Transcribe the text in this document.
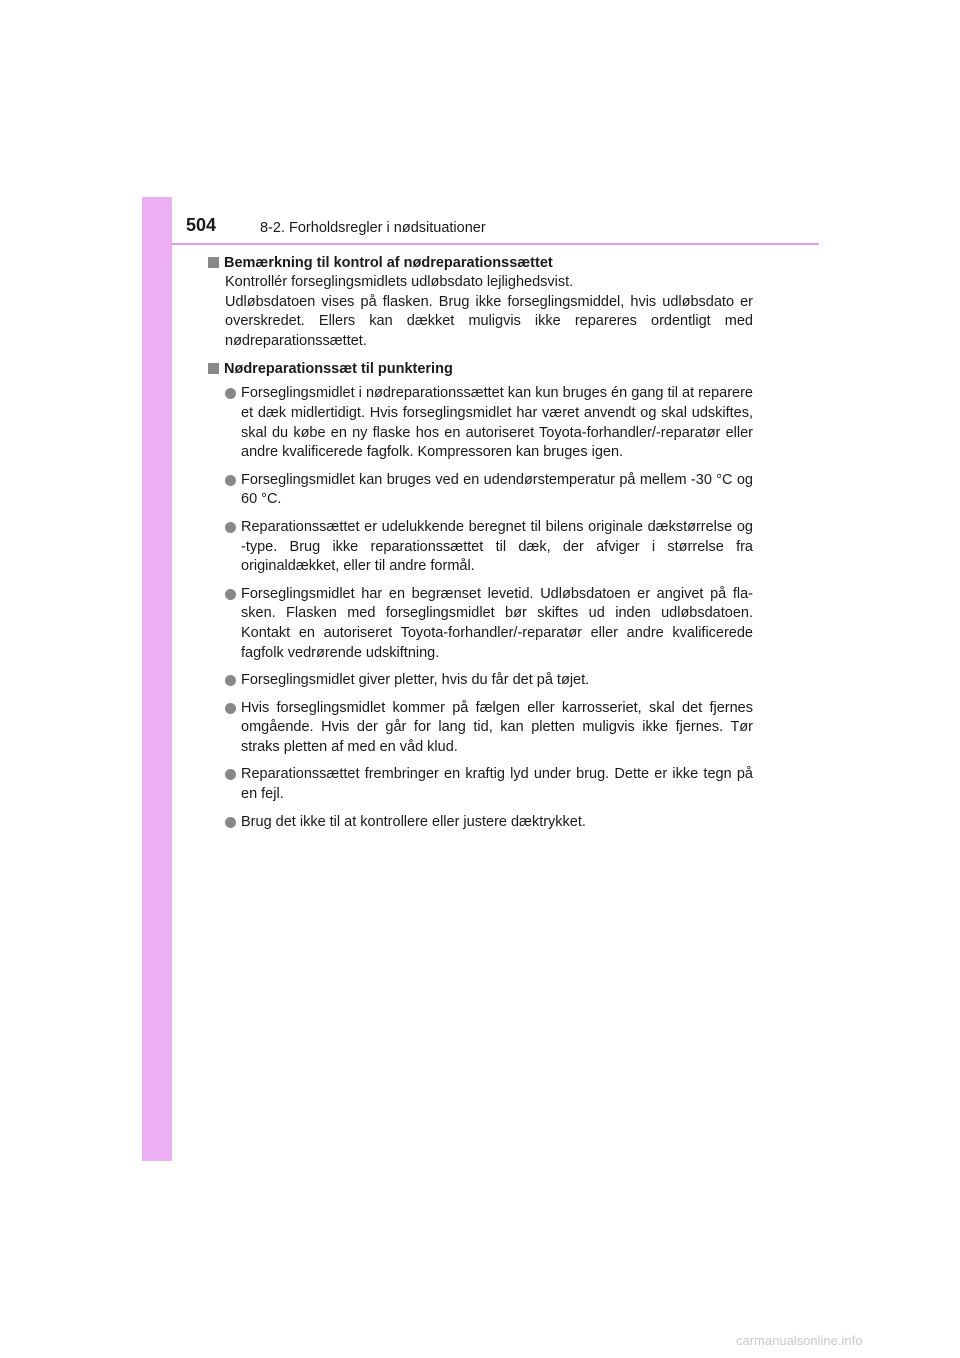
504	8-2. Forholdsregler i nødsituationer
Bemærkning til kontrol af nødreparationssættet

Kontrollér forseglingsmidlets udløbsdato lejlighedsvist.

Udløbsdatoen vises på flasken. Brug ikke forseglingsmiddel, hvis udløbsdato er overskredet. Ellers kan dækket muligvis ikke repareres ordentligt med nødreparationssættet.

Nødreparationssæt til punktering
Forseglingsmidlet i nødreparationssættet kan kun bruges én gang til at reparere et dæk midlertidigt. Hvis forseglingsmidlet har været anvendt og skal udskiftes, skal du købe en ny flaske hos en autoriseret Toyota-forhandler/-reparatør eller andre kvalificerede fagfolk. Kompressoren kan bruges igen.
Forseglingsmidlet kan bruges ved en udendørstemperatur på mellem -30 °C og 60 °C.
Reparationssættet er udelukkende beregnet til bilens originale dækstørrelse og -type. Brug ikke reparationssættet til dæk, der afviger i størrelse fra originaldækket, eller til andre formål.
Forseglingsmidlet har en begrænset levetid. Udløbsdatoen er angivet på fla-sken. Flasken med forseglingsmidlet bør skiftes ud inden udløbsdatoen. Kontakt en autoriseret Toyota-forhandler/-reparatør eller andre kvalificerede fagfolk vedrørende udskiftning.
Forseglingsmidlet giver pletter, hvis du får det på tøjet.
Hvis forseglingsmidlet kommer på fælgen eller karrosseriet, skal det fjernes omgående. Hvis der går for lang tid, kan pletten muligvis ikke fjernes. Tør straks pletten af med en våd klud.
Reparationssættet frembringer en kraftig lyd under brug. Dette er ikke tegn på en fejl.
Brug det ikke til at kontrollere eller justere dæktrykket.
carmanualsonline.info
